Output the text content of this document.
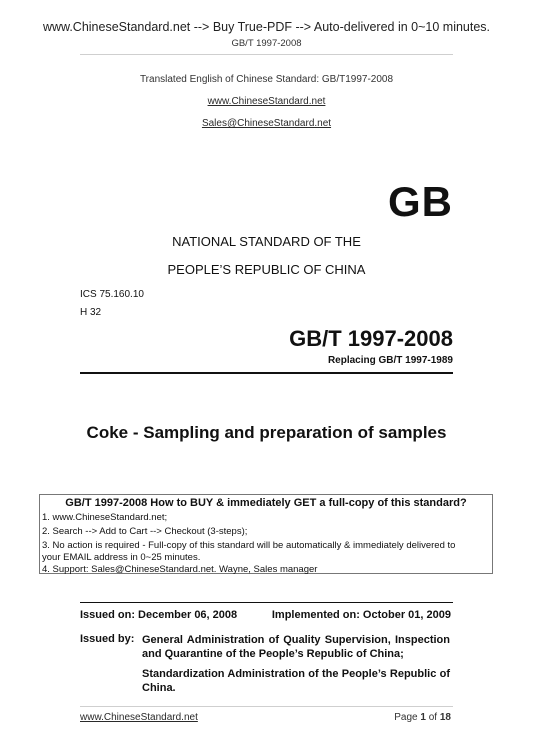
www.ChineseStandard.net --> Buy True-PDF --> Auto-delivered in 0~10 minutes.
GB/T 1997-2008
Translated English of Chinese Standard: GB/T1997-2008
www.ChineseStandard.net
Sales@ChineseStandard.net
GB
NATIONAL STANDARD OF THE
PEOPLE’S REPUBLIC OF CHINA
ICS 75.160.10
H 32
GB/T 1997-2008
Replacing GB/T 1997-1989
Coke - Sampling and preparation of samples
GB/T 1997-2008 How to BUY & immediately GET a full-copy of this standard?
1. www.ChineseStandard.net;
2. Search --> Add to Cart --> Checkout (3-steps);
3. No action is required - Full-copy of this standard will be automatically & immediately delivered to
your EMAIL address in 0~25 minutes.
4. Support: Sales@ChineseStandard.net. Wayne, Sales manager
Issued on: December 06, 2008	Implemented on: October 01, 2009
Issued by: General Administration of Quality Supervision, Inspection and Quarantine of the People’s Republic of China;
Standardization Administration of the People’s Republic of China.
www.ChineseStandard.net	Page 1 of 18
